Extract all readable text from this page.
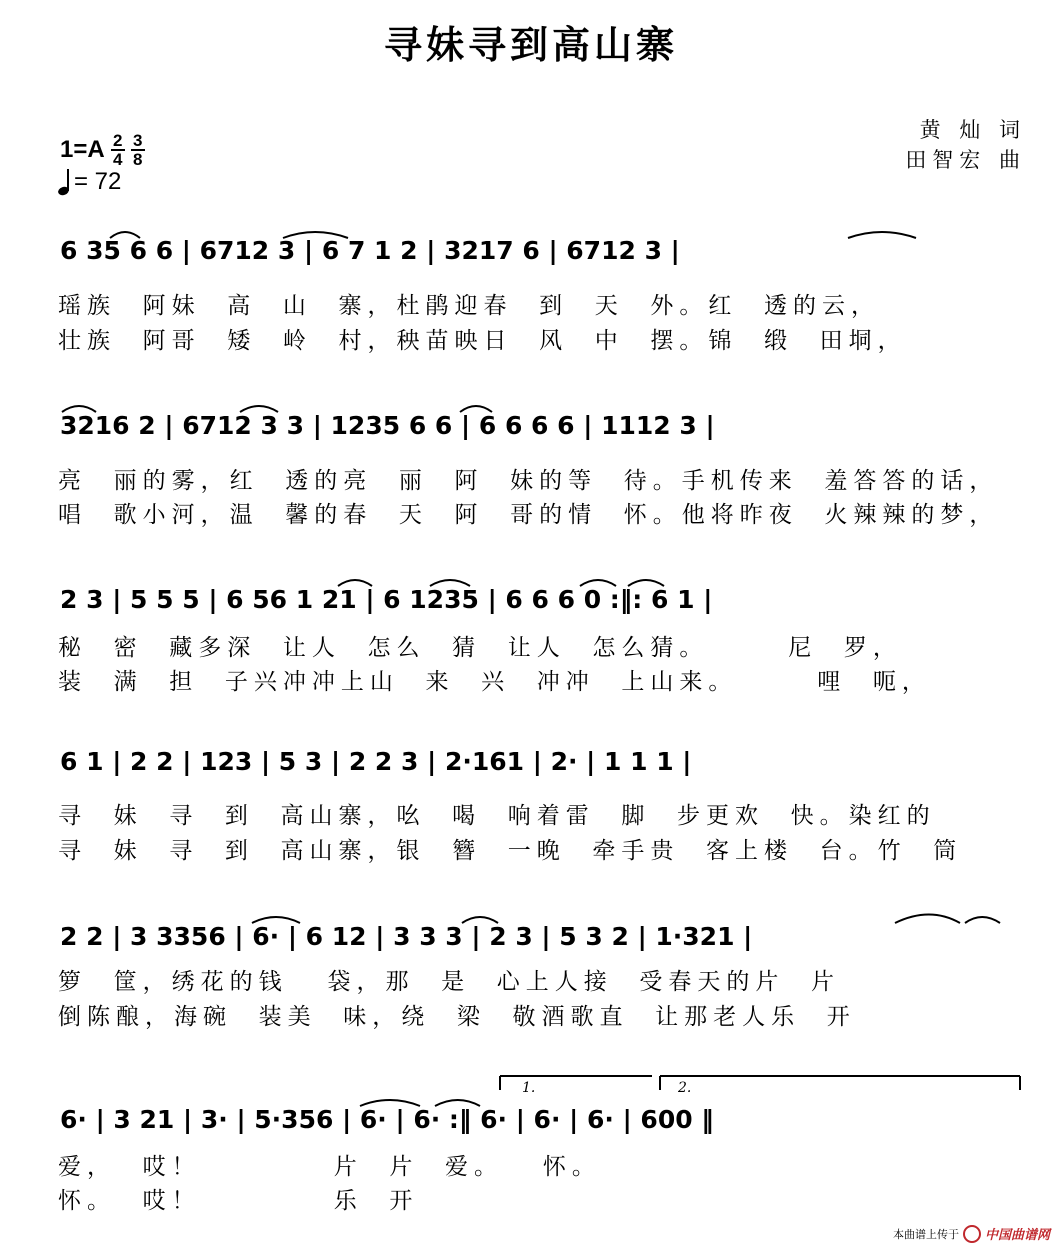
寻妹寻到高山寨
$1=A \frac{2}{4} \frac{3}{8}$
= 72
黄 灿 词
田智宏 曲
6 35 6 6 | 6712 3 | 6 7 1 2 | 3217 6 | 6712 3 |
瑶族  阿妹  高  山  寨，杜鹃迎春  到  天  外。红  透的云，
壮族  阿哥  矮  岭  村，秧苗映日  风  中  摆。锦  缎  田垌，
3216 2 | 6712 3 3 | 1235 6 6 | 6 6 6 6 | 1112 3 |
亮  丽的雾，红  透的亮  丽  阿  妹的等  待。手机传来  羞答答的话，
唱  歌小河，温  馨的春  天  阿  哥的情  怀。他将昨夜  火辣辣的梦，
2 3 | 5 5 5 | 6 56 1 21 | 6 1235 | 6 6 6 0 :‖: 6 1 |
秘  密  藏多深  让人  怎么  猜  让人  怎么猜。      尼  罗，
装  满  担  子兴冲冲上山  来  兴  冲冲  上山来。      哩  呃，
6 1 | 2 2 | 123 | 5 3 | 2 2 3 | 2·161 | 2· | 1 1 1 |
寻  妹  寻  到  高山寨，吆  喝  响着雷  脚  步更欢  快。染红的
寻  妹  寻  到  高山寨，银  簪  一晚  牵手贵  客上楼  台。竹  筒
2 2 | 3 3356 | 6· | 6 12 | 3 3 3 | 2 3 | 5 3 2 | 1·321 |
箩  筐，绣花的钱   袋，那  是  心上人接  受春天的片  片
倒陈酿，海碗  装美  味，绕  梁  敬酒歌直  让那老人乐  开
6· | 3 21 | 3· | 5·356 | 6· | 6· :‖ 6· | 6· | 6· | 600 ‖
爱，  哎！          片  片  爱。   怀。
怀。  哎！          乐  开
1.	2.
本曲谱上传于 中国曲谱网
